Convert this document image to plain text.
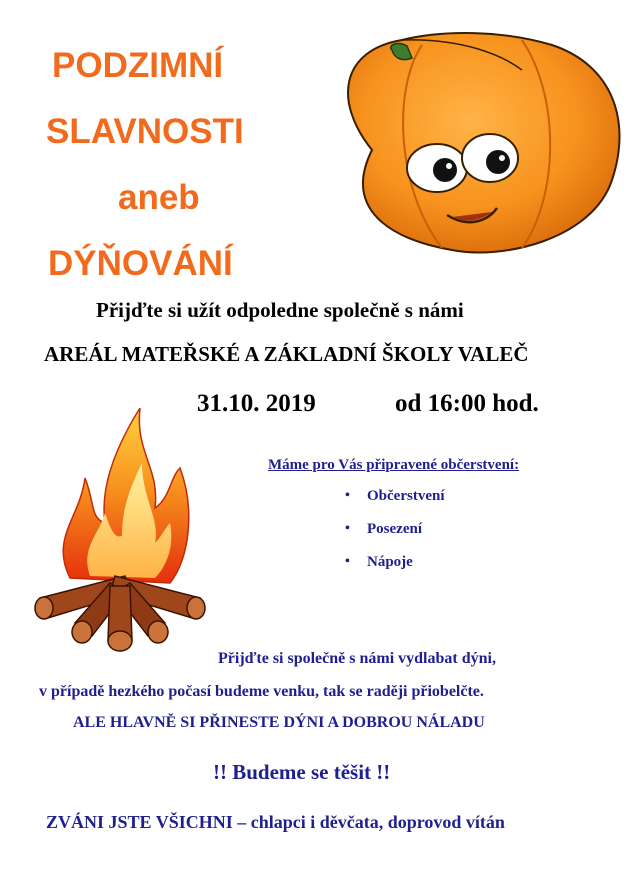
PODZIMNÍ
SLAVNOSTI
aneb
DÝŇOVÁNÍ
Přijďte si užít odpoledne společně s námi
AREÁL MATEŘSKÉ A ZÁKLADNÍ ŠKOLY VALEČ
31.10. 2019	od 16:00 hod.
Máme pro Vás připravené občerstvení:
• Občerstvení
• Posezení
• Nápoje
Přijďte si společně s námi vydlabat dýni,
v případě hezkého počasí budeme venku, tak se raději přiobelčte.
ALE HLAVNĚ SI PŘINESTE DÝNI A DOBROU NÁLADU
!! Budeme se těšit !!
ZVÁNI JSTE VŠICHNI – chlapci i děvčata, doprovod vítán
